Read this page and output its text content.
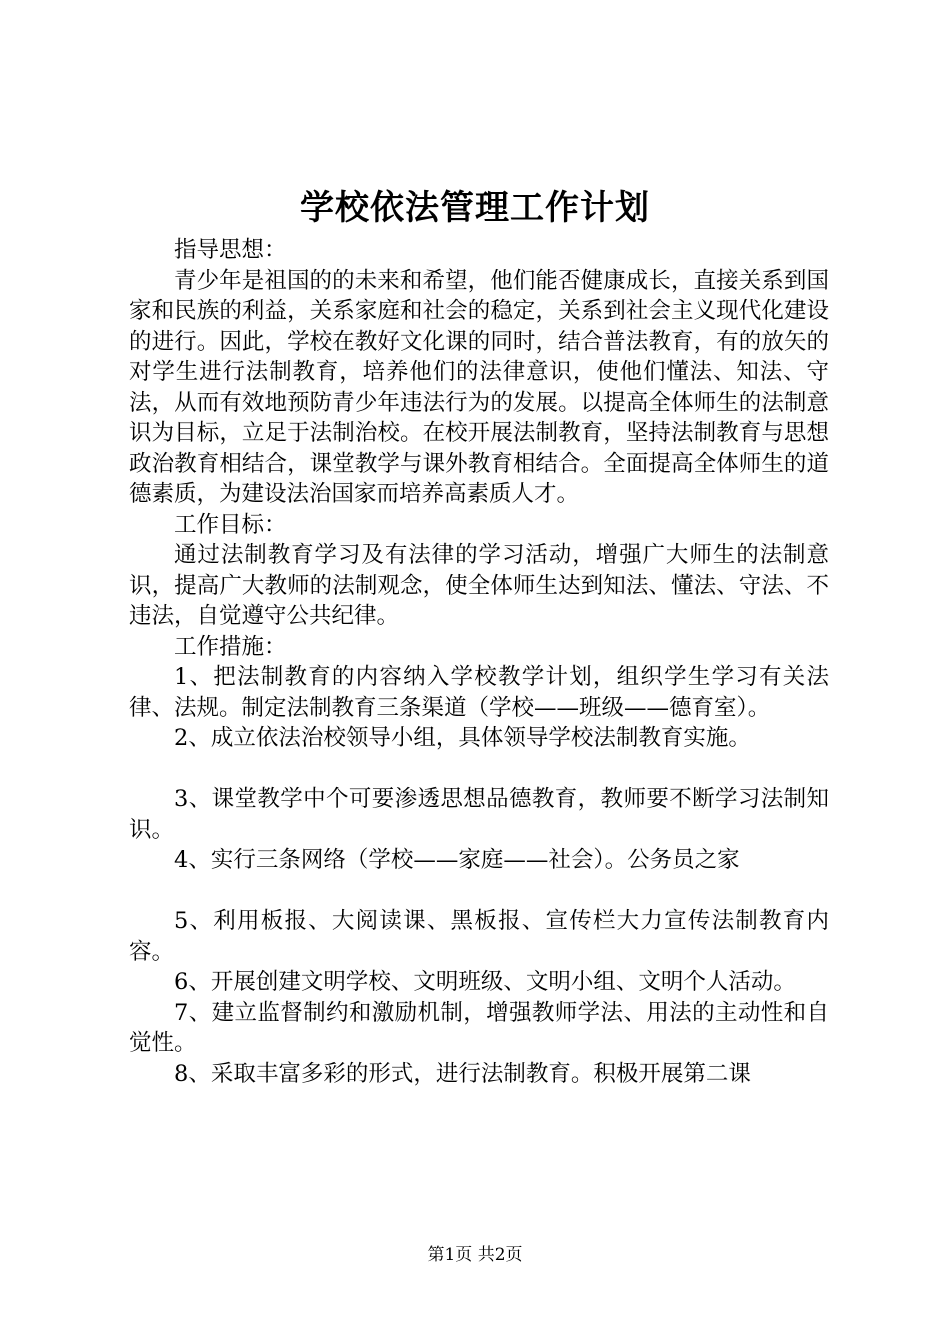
学校依法管理工作计划

指导思想：

青少年是祖国的的未来和希望，他们能否健康成长，直接关系到国家和民族的利益，关系家庭和社会的稳定，关系到社会主义现代化建设的进行。因此，学校在教好文化课的同时，结合普法教育，有的放矢的对学生进行法制教育，培养他们的法律意识，使他们懂法、知法、守法，从而有效地预防青少年违法行为的发展。以提高全体师生的法制意识为目标，立足于法制治校。在校开展法制教育，坚持法制教育与思想政治教育相结合，课堂教学与课外教育相结合。全面提高全体师生的道德素质，为建设法治国家而培养高素质人才。

工作目标：

通过法制教育学习及有法律的学习活动，增强广大师生的法制意识，提高广大教师的法制观念，使全体师生达到知法、懂法、守法、不违法，自觉遵守公共纪律。

工作措施：

1、把法制教育的内容纳入学校教学计划，组织学生学习有关法律、法规。制定法制教育三条渠道（学校——班级——德育室）。

2、成立依法治校领导小组，具体领导学校法制教育实施。

3、课堂教学中个可要渗透思想品德教育，教师要不断学习法制知识。

4、实行三条网络（学校——家庭——社会）。公务员之家

5、利用板报、大阅读课、黑板报、宣传栏大力宣传法制教育内容。

6、开展创建文明学校、文明班级、文明小组、文明个人活动。

7、建立监督制约和激励机制，增强教师学法、用法的主动性和自觉性。

8、采取丰富多彩的形式，进行法制教育。积极开展第二课

第1页 共2页
